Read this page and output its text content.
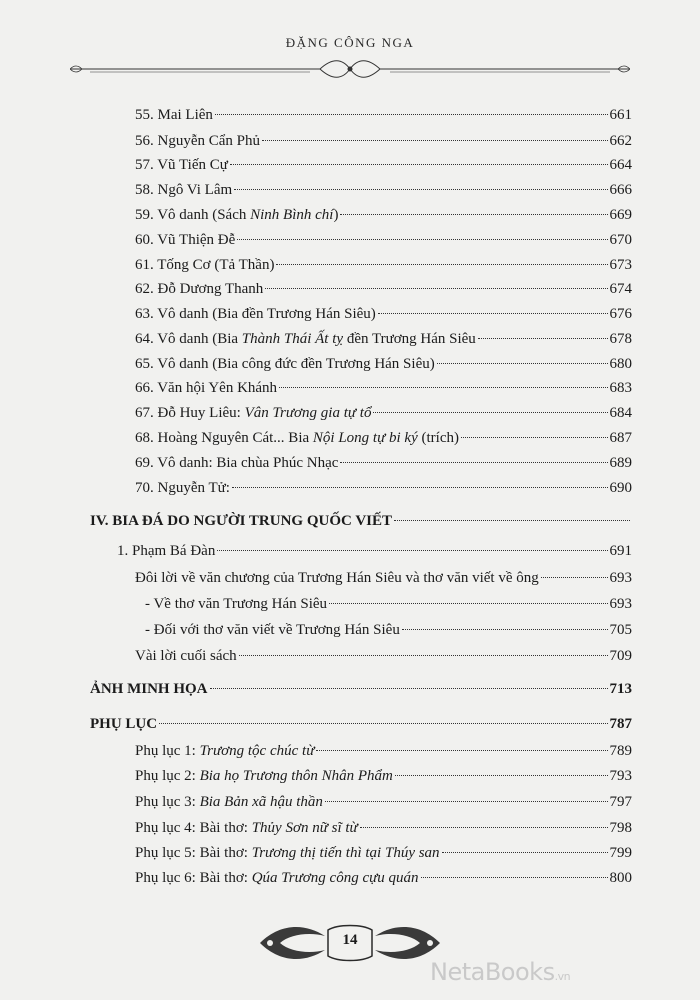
ĐẶNG CÔNG NGA
55. Mai Liên	661
56. Nguyễn Cẩn Phủ	662
57. Vũ Tiến Cự	664
58. Ngô Vi Lâm	666
59. Vô danh (Sách Ninh Bình chí)	669
60. Vũ Thiện Đễ	670
61. Tống Cơ (Tả Thần)	673
62. Đỗ Dương Thanh	674
63. Vô danh (Bia đền Trương Hán Siêu)	676
64. Vô danh (Bia Thành Thái Ất tỵ đền Trương Hán Siêu	678
65. Vô danh (Bia công đức đền Trương Hán Siêu)	680
66. Văn hội Yên Khánh	683
67. Đỗ Huy Liêu: Vân Trương gia tự tổ	684
68. Hoàng Nguyên Cát... Bia Nội Long tự bi ký (trích)	687
69. Vô danh: Bia chùa Phúc Nhạc	689
70. Nguyễn Tử:	690
IV. BIA ĐÁ DO NGƯỜI TRUNG QUỐC VIẾT
1. Phạm Bá Đàn	691
Đôi lời về văn chương của Trương Hán Siêu và thơ văn viết về ông	693
- Về thơ văn Trương Hán Siêu	693
- Đối với thơ văn viết về Trương Hán Siêu	705
Vài lời cuối sách	709
ẢNH MINH HỌA	713
PHỤ LỤC	787
Phụ lục 1: Trương tộc chúc từ	789
Phụ lục 2: Bia họ Trương thôn Nhân Phẩm	793
Phụ lục 3: Bia Bản xã hậu thần	797
Phụ lục 4: Bài thơ: Thủy Sơn nữ sĩ từ	798
Phụ lục 5: Bài thơ: Trương thị tiến thì tại Thúy san	799
Phụ lục 6: Bài thơ: Qúa Trương công cựu quán	800
14
NetaBooks.vn
